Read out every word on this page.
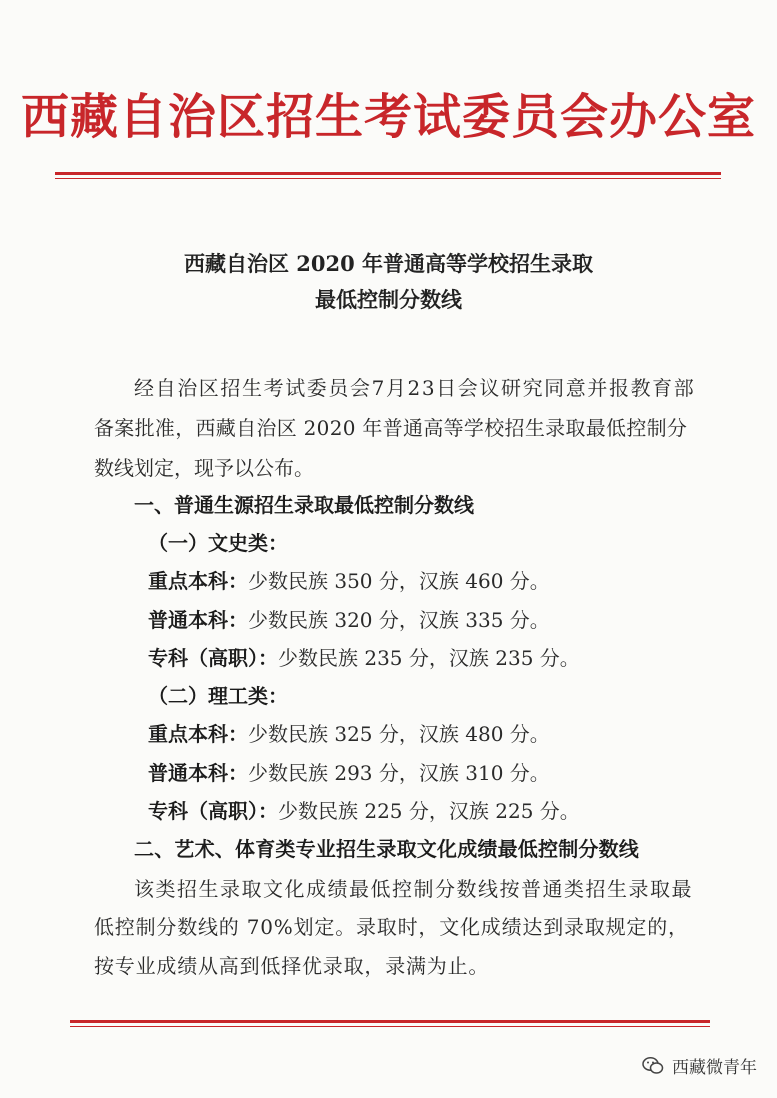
西藏自治区招生考试委员会办公室
西藏自治区 2020 年普通高等学校招生录取
最低控制分数线
经自治区招生考试委员会7月23日会议研究同意并报教育部
备案批准，西藏自治区 2020 年普通高等学校招生录取最低控制分
数线划定，现予以公布。
一、普通生源招生录取最低控制分数线
（一）文史类：
重点本科：少数民族 350 分，汉族 460 分。
普通本科：少数民族 320 分，汉族 335 分。
专科（高职）：少数民族 235 分，汉族 235 分。
（二）理工类：
重点本科：少数民族 325 分，汉族 480 分。
普通本科：少数民族 293 分，汉族 310 分。
专科（高职）：少数民族 225 分，汉族 225 分。
二、艺术、体育类专业招生录取文化成绩最低控制分数线
该类招生录取文化成绩最低控制分数线按普通类招生录取最
低控制分数线的 70%划定。录取时，文化成绩达到录取规定的，
按专业成绩从高到低择优录取，录满为止。
西藏微青年
